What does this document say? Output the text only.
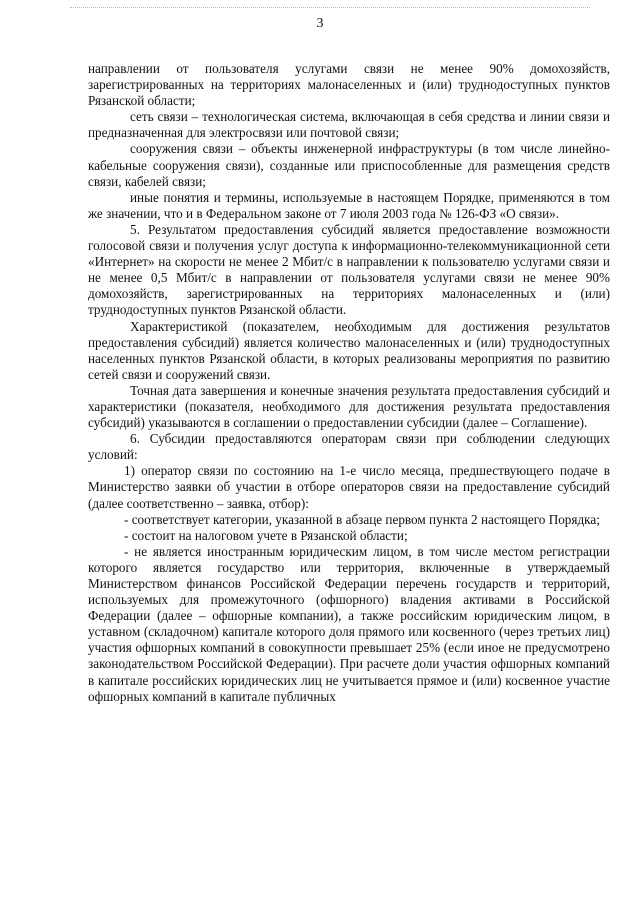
3

направлении от пользователя услугами связи не менее 90% домохозяйств, зарегистрированных на территориях малонаселенных и (или) труднодоступных пунктов Рязанской области;

сеть связи – технологическая система, включающая в себя средства и линии связи и предназначенная для электросвязи или почтовой связи;

сооружения связи – объекты инженерной инфраструктуры (в том числе линейно-кабельные сооружения связи), созданные или приспособленные для размещения средств связи, кабелей связи;

иные понятия и термины, используемые в настоящем Порядке, применяются в том же значении, что и в Федеральном законе от 7 июля 2003 года № 126-ФЗ «О связи».

5. Результатом предоставления субсидий является предоставление возможности голосовой связи и получения услуг доступа к информационно-телекоммуникационной сети «Интернет» на скорости не менее 2 Мбит/с в направлении к пользователю услугами связи и не менее 0,5 Мбит/с в направлении от пользователя услугами связи не менее 90% домохозяйств, зарегистрированных на территориях малонаселенных и (или) труднодоступных пунктов Рязанской области.

Характеристикой (показателем, необходимым для достижения результатов предоставления субсидий) является количество малонаселенных и (или) труднодоступных населенных пунктов Рязанской области, в которых реализованы мероприятия по развитию сетей связи и сооружений связи.

Точная дата завершения и конечные значения результата предоставления субсидий и характеристики (показателя, необходимого для достижения результата предоставления субсидий) указываются в соглашении о предоставлении субсидии (далее – Соглашение).

6. Субсидии предоставляются операторам связи при соблюдении следующих условий:

1) оператор связи по состоянию на 1-е число месяца, предшествующего подаче в Министерство заявки об участии в отборе операторов связи на предоставление субсидий (далее соответственно – заявка, отбор):

- соответствует категории, указанной в абзаце первом пункта 2 настоящего Порядка;

- состоит на налоговом учете в Рязанской области;

- не является иностранным юридическим лицом, в том числе местом регистрации которого является государство или территория, включенные в утверждаемый Министерством финансов Российской Федерации перечень государств и территорий, используемых для промежуточного (офшорного) владения активами в Российской Федерации (далее – офшорные компании), а также российским юридическим лицом, в уставном (складочном) капитале которого доля прямого или косвенного (через третьих лиц) участия офшорных компаний в совокупности превышает 25% (если иное не предусмотрено законодательством Российской Федерации). При расчете доли участия офшорных компаний в капитале российских юридических лиц не учитывается прямое и (или) косвенное участие офшорных компаний в капитале публичных
